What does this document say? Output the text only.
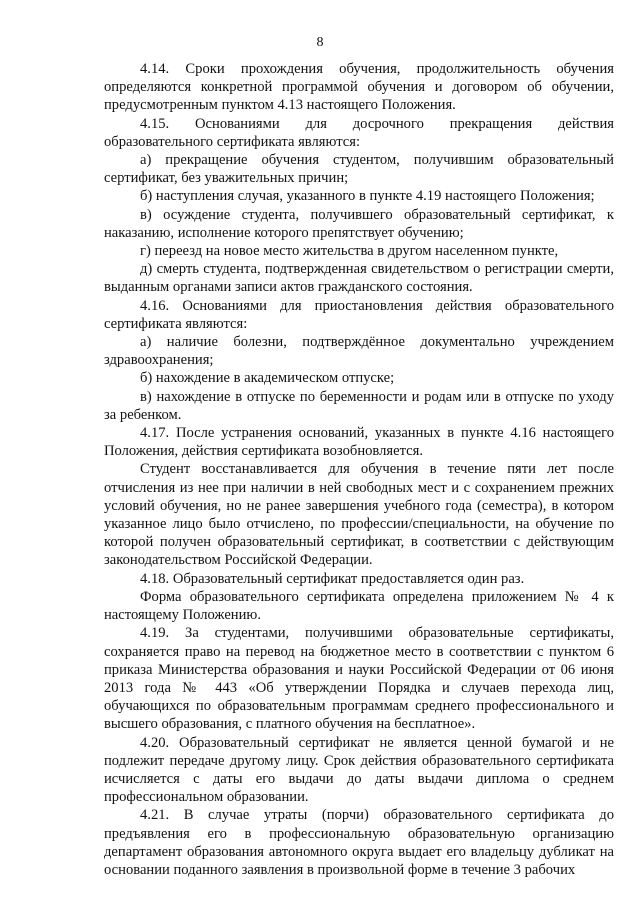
8

4.14. Сроки прохождения обучения, продолжительность обучения определяются конкретной программой обучения и договором об обучении, предусмотренным пунктом 4.13 настоящего Положения.

4.15. Основаниями для досрочного прекращения действия образовательного сертификата являются:

а) прекращение обучения студентом, получившим образовательный сертификат, без уважительных причин;

б) наступления случая, указанного в пункте 4.19 настоящего Положения;

в) осуждение студента, получившего образовательный сертификат, к наказанию, исполнение которого препятствует обучению;

г) переезд на новое место жительства в другом населенном пункте,

д) смерть студента, подтвержденная свидетельством о регистрации смерти, выданным органами записи актов гражданского состояния.

4.16. Основаниями для приостановления действия образовательного сертификата являются:

а) наличие болезни, подтверждённое документально учреждением здравоохранения;

б) нахождение в академическом отпуске;

в) нахождение в отпуске по беременности и родам или в отпуске по уходу за ребенком.

4.17. После устранения оснований, указанных в пункте 4.16 настоящего Положения, действия сертификата возобновляется.

Студент восстанавливается для обучения в течение пяти лет после отчисления из нее при наличии в ней свободных мест и с сохранением прежних условий обучения, но не ранее завершения учебного года (семестра), в котором указанное лицо было отчислено, по профессии/специальности, на обучение по которой получен образовательный сертификат, в соответствии с действующим законодательством Российской Федерации.

4.18. Образовательный сертификат предоставляется один раз.

Форма образовательного сертификата определена приложением № 4 к настоящему Положению.

4.19. За студентами, получившими образовательные сертификаты, сохраняется право на перевод на бюджетное место в соответствии с пунктом 6 приказа Министерства образования и науки Российской Федерации от 06 июня 2013 года № 443 «Об утверждении Порядка и случаев перехода лиц, обучающихся по образовательным программам среднего профессионального и высшего образования, с платного обучения на бесплатное».

4.20. Образовательный сертификат не является ценной бумагой и не подлежит передаче другому лицу. Срок действия образовательного сертификата исчисляется с даты его выдачи до даты выдачи диплома о среднем профессиональном образовании.

4.21. В случае утраты (порчи) образовательного сертификата до предъявления его в профессиональную образовательную организацию департамент образования автономного округа выдает его владельцу дубликат на основании поданного заявления в произвольной форме в течение 3 рабочих
